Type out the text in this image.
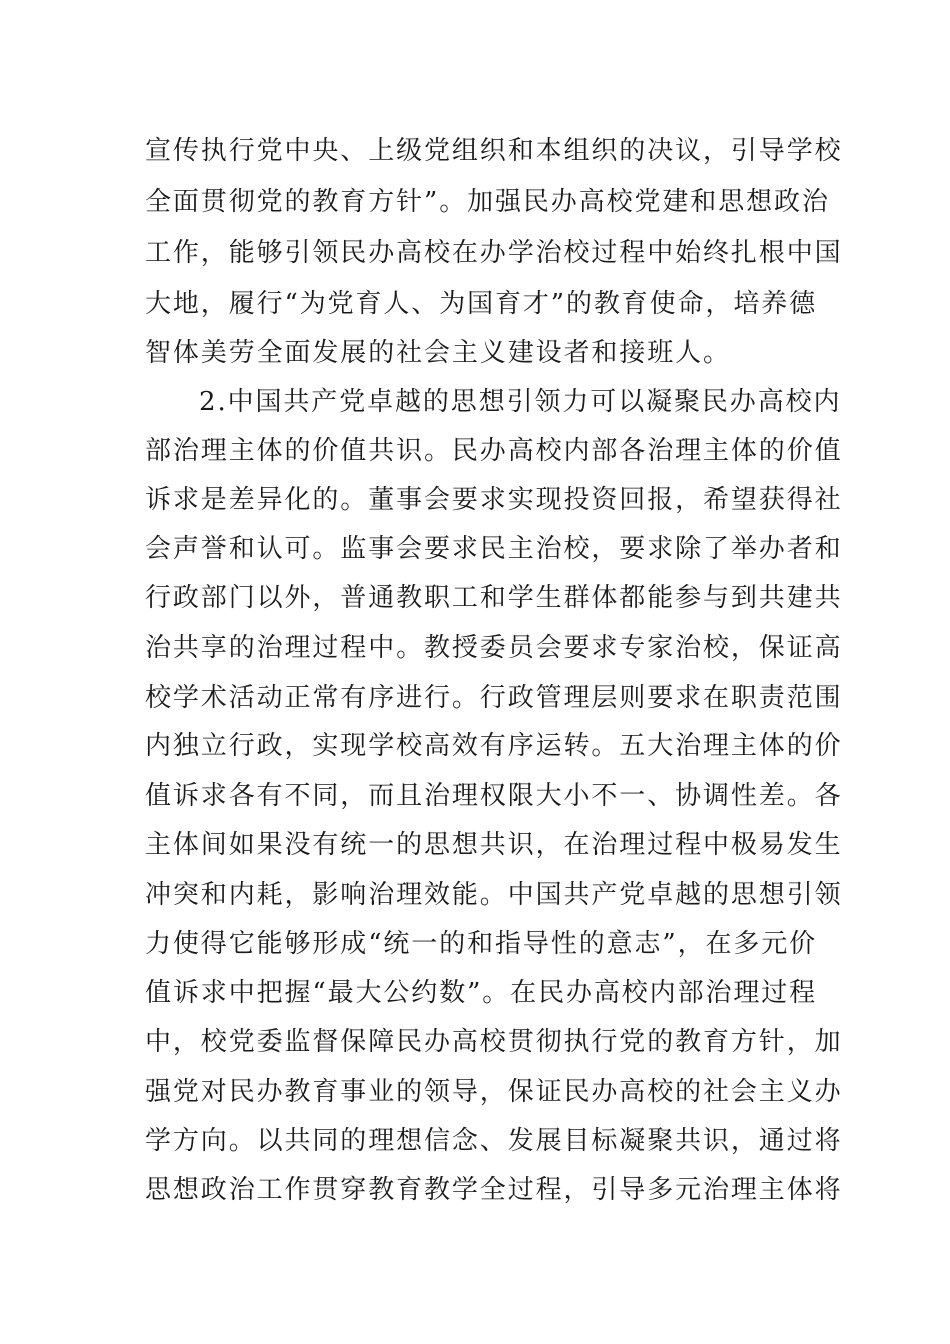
宣传执行党中央、上级党组织和本组织的决议，引导学校
全面贯彻党的教育方针”。加强民办高校党建和思想政治
工作，能够引领民办高校在办学治校过程中始终扎根中国
大地，履行“为党育人、为国育才”的教育使命，培养德
智体美劳全面发展的社会主义建设者和接班人。
2.中国共产党卓越的思想引领力可以凝聚民办高校内
部治理主体的价值共识。民办高校内部各治理主体的价值
诉求是差异化的。董事会要求实现投资回报，希望获得社
会声誉和认可。监事会要求民主治校，要求除了举办者和
行政部门以外，普通教职工和学生群体都能参与到共建共
治共享的治理过程中。教授委员会要求专家治校，保证高
校学术活动正常有序进行。行政管理层则要求在职责范围
内独立行政，实现学校高效有序运转。五大治理主体的价
值诉求各有不同，而且治理权限大小不一、协调性差。各
主体间如果没有统一的思想共识，在治理过程中极易发生
冲突和内耗，影响治理效能。中国共产党卓越的思想引领
力使得它能够形成“统一的和指导性的意志”，在多元价
值诉求中把握“最大公约数”。在民办高校内部治理过程
中，校党委监督保障民办高校贯彻执行党的教育方针，加
强党对民办教育事业的领导，保证民办高校的社会主义办
学方向。以共同的理想信念、发展目标凝聚共识，通过将
思想政治工作贯穿教育教学全过程，引导多元治理主体将
